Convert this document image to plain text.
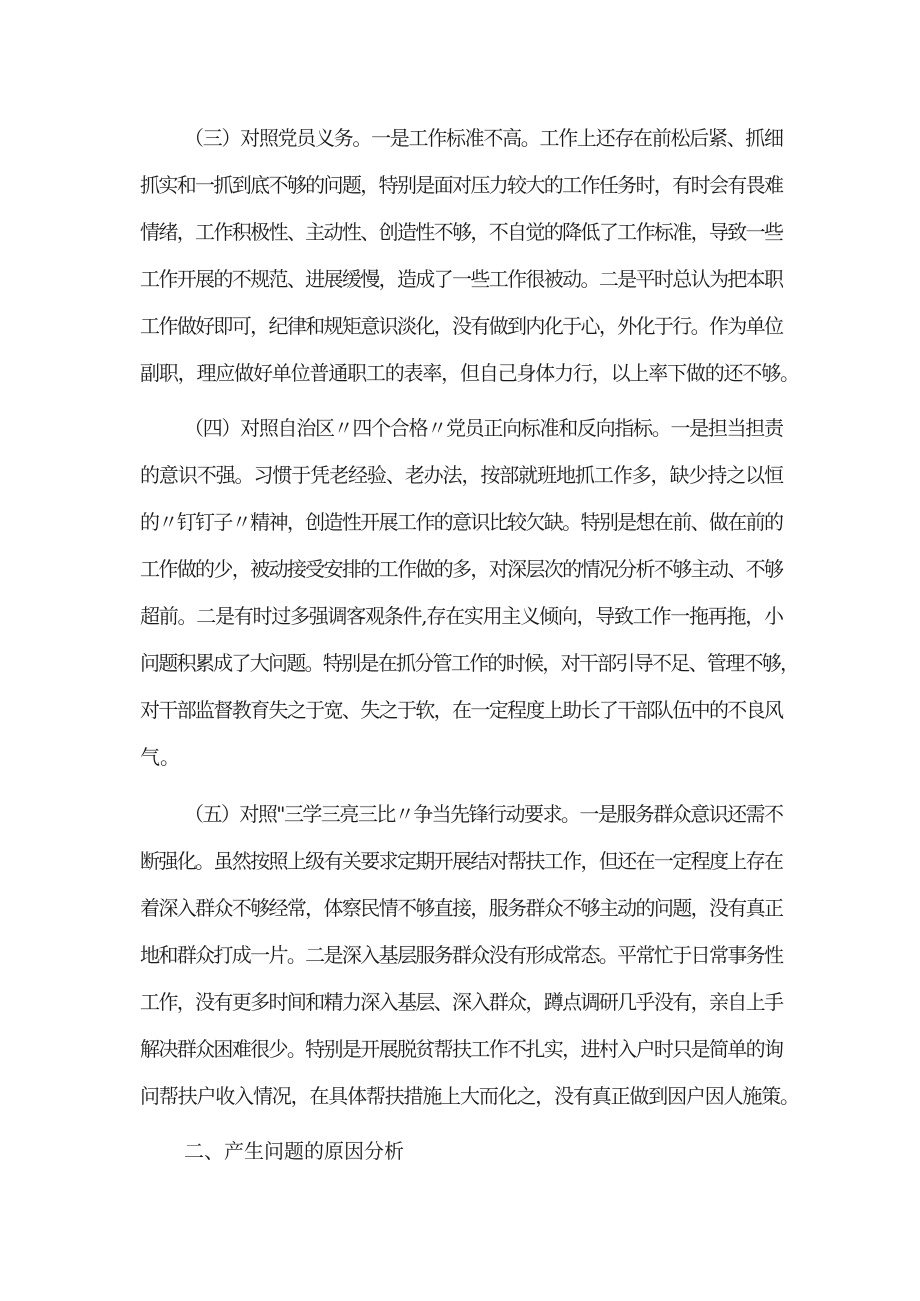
（三）对照党员义务。一是工作标准不高。工作上还存在前松后紧、抓细
抓实和一抓到底不够的问题，特别是面对压力较大的工作任务时，有时会有畏难
情绪，工作积极性、主动性、创造性不够，不自觉的降低了工作标准，导致一些
工作开展的不规范、进展缓慢，造成了一些工作很被动。二是平时总认为把本职
工作做好即可，纪律和规矩意识淡化，没有做到内化于心，外化于行。作为单位
副职，理应做好单位普通职工的表率，但自己身体力行，以上率下做的还不够。
（四）对照自治区〃四个合格〃党员正向标准和反向指标。一是担当担责
的意识不强。习惯于凭老经验、老办法，按部就班地抓工作多，缺少持之以恒
的〃钉钉子〃精神，创造性开展工作的意识比较欠缺。特别是想在前、做在前的
工作做的少，被动接受安排的工作做的多，对深层次的情况分析不够主动、不够
超前。二是有时过多强调客观条件,存在实用主义倾向，导致工作一拖再拖，小
问题积累成了大问题。特别是在抓分管工作的时候，对干部引导不足、管理不够，
对干部监督教育失之于宽、失之于软，在一定程度上助长了干部队伍中的不良风
气。
（五）对照"三学三亮三比〃争当先锋行动要求。一是服务群众意识还需不
断强化。虽然按照上级有关要求定期开展结对帮扶工作，但还在一定程度上存在
着深入群众不够经常，体察民情不够直接，服务群众不够主动的问题，没有真正
地和群众打成一片。二是深入基层服务群众没有形成常态。平常忙于日常事务性
工作，没有更多时间和精力深入基层、深入群众，蹲点调研几乎没有，亲自上手
解决群众困难很少。特别是开展脱贫帮扶工作不扎实，进村入户时只是简单的询
问帮扶户收入情况，在具体帮扶措施上大而化之，没有真正做到因户因人施策。
二、产生问题的原因分析
